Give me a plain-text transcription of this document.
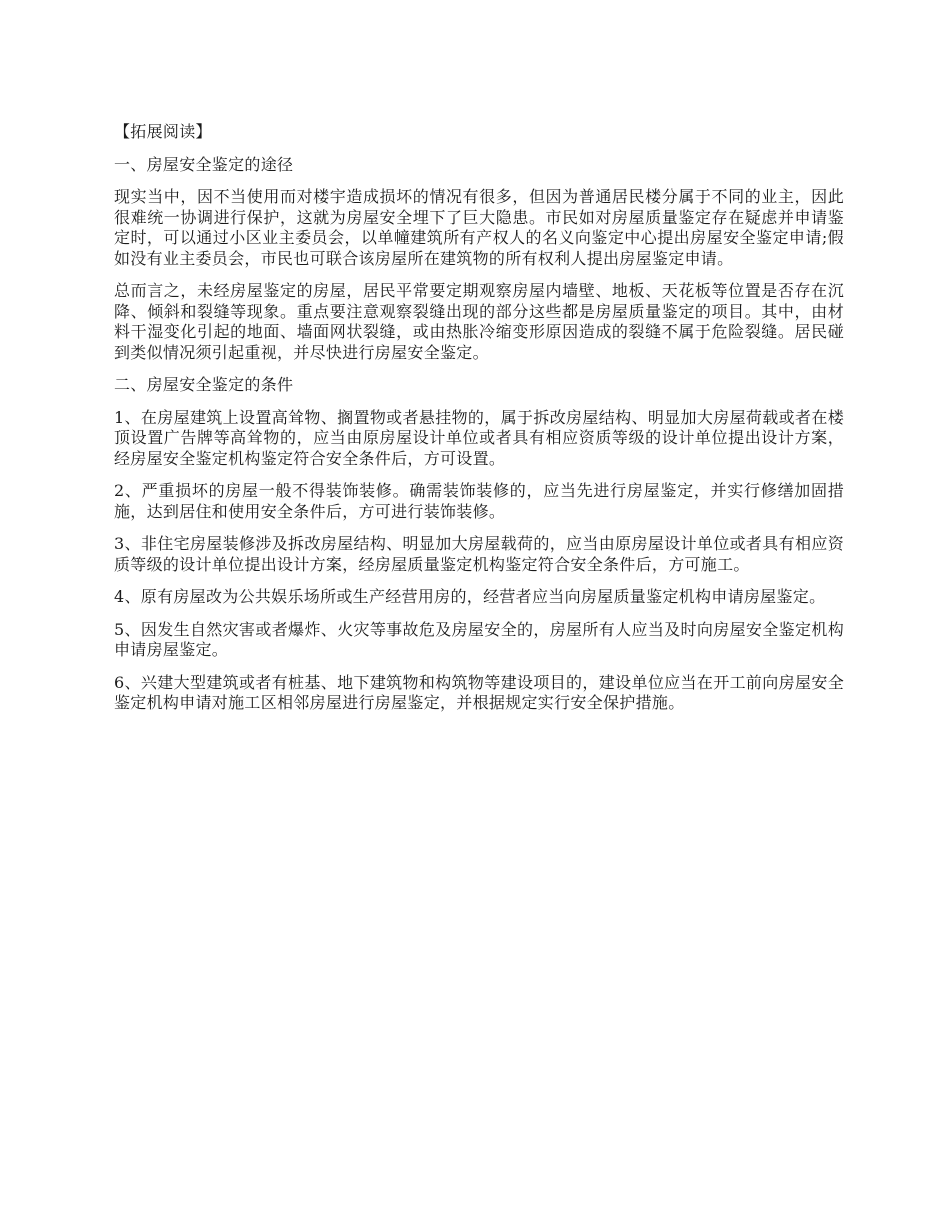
【拓展阅读】
一、房屋安全鉴定的途径
现实当中，因不当使用而对楼宇造成损坏的情况有很多，但因为普通居民楼分属于不同的业主，因此很难统一协调进行保护，这就为房屋安全埋下了巨大隐患。市民如对房屋质量鉴定存在疑虑并申请鉴定时，可以通过小区业主委员会，以单幢建筑所有产权人的名义向鉴定中心提出房屋安全鉴定申请;假如没有业主委员会，市民也可联合该房屋所在建筑物的所有权利人提出房屋鉴定申请。
总而言之，未经房屋鉴定的房屋，居民平常要定期观察房屋内墙壁、地板、天花板等位置是否存在沉降、倾斜和裂缝等现象。重点要注意观察裂缝出现的部分这些都是房屋质量鉴定的项目。其中，由材料干湿变化引起的地面、墙面网状裂缝，或由热胀冷缩变形原因造成的裂缝不属于危险裂缝。居民碰到类似情况须引起重视，并尽快进行房屋安全鉴定。
二、房屋安全鉴定的条件
1、在房屋建筑上设置高耸物、搁置物或者悬挂物的，属于拆改房屋结构、明显加大房屋荷载或者在楼顶设置广告牌等高耸物的，应当由原房屋设计单位或者具有相应资质等级的设计单位提出设计方案，经房屋安全鉴定机构鉴定符合安全条件后，方可设置。
2、严重损坏的房屋一般不得装饰装修。确需装饰装修的，应当先进行房屋鉴定，并实行修缮加固措施，达到居住和使用安全条件后，方可进行装饰装修。
3、非住宅房屋装修涉及拆改房屋结构、明显加大房屋载荷的，应当由原房屋设计单位或者具有相应资质等级的设计单位提出设计方案，经房屋质量鉴定机构鉴定符合安全条件后，方可施工。
4、原有房屋改为公共娱乐场所或生产经营用房的，经营者应当向房屋质量鉴定机构申请房屋鉴定。
5、因发生自然灾害或者爆炸、火灾等事故危及房屋安全的，房屋所有人应当及时向房屋安全鉴定机构申请房屋鉴定。
6、兴建大型建筑或者有桩基、地下建筑物和构筑物等建设项目的，建设单位应当在开工前向房屋安全鉴定机构申请对施工区相邻房屋进行房屋鉴定，并根据规定实行安全保护措施。
